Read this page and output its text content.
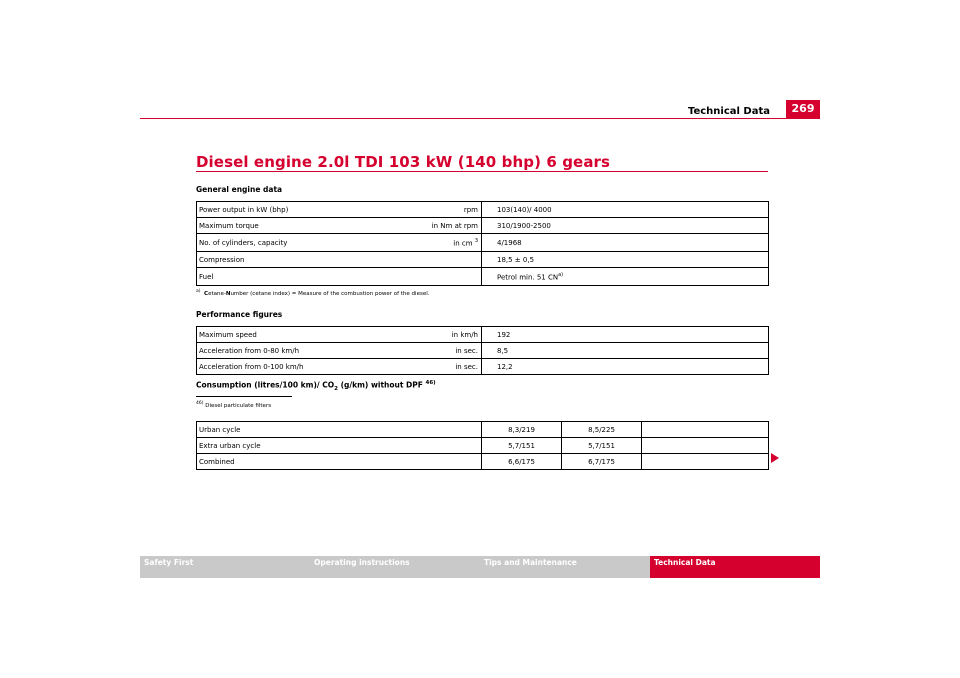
Technical Data	269
Diesel engine 2.0l TDI 103 kW (140 bhp) 6 gears
General engine data
Power output in kW (bhp)	rpm	103(140)/ 4000
Maximum torque	in Nm at rpm	310/1900-2500
No. of cylinders, capacity	in cm $^3$	4/1968
Compression		18,5 ± 0,5
Fuel		Petrol min. 51 CN$^{a)}$
$^{a)}$ Cetane-Number (cetane index) = Measure of the combustion power of the diesel.
Performance figures
Maximum speed	in km/h	192
Acceleration from 0-80 km/h	in sec.	8,5
Acceleration from 0-100 km/h	in sec.	12,2
Consumption (litres/100 km)/ $CO_2$ (g/km) without DPF $^{46)}$
$^{46)}$ Diesel particulate filters
Urban cycle	8,3/219	8,5/225	
Extra urban cycle	5,7/151	5,7/151	
Combined	6,6/175	6,7/175	
Safety First	Operating instructions	Tips and Maintenance	Technical Data
